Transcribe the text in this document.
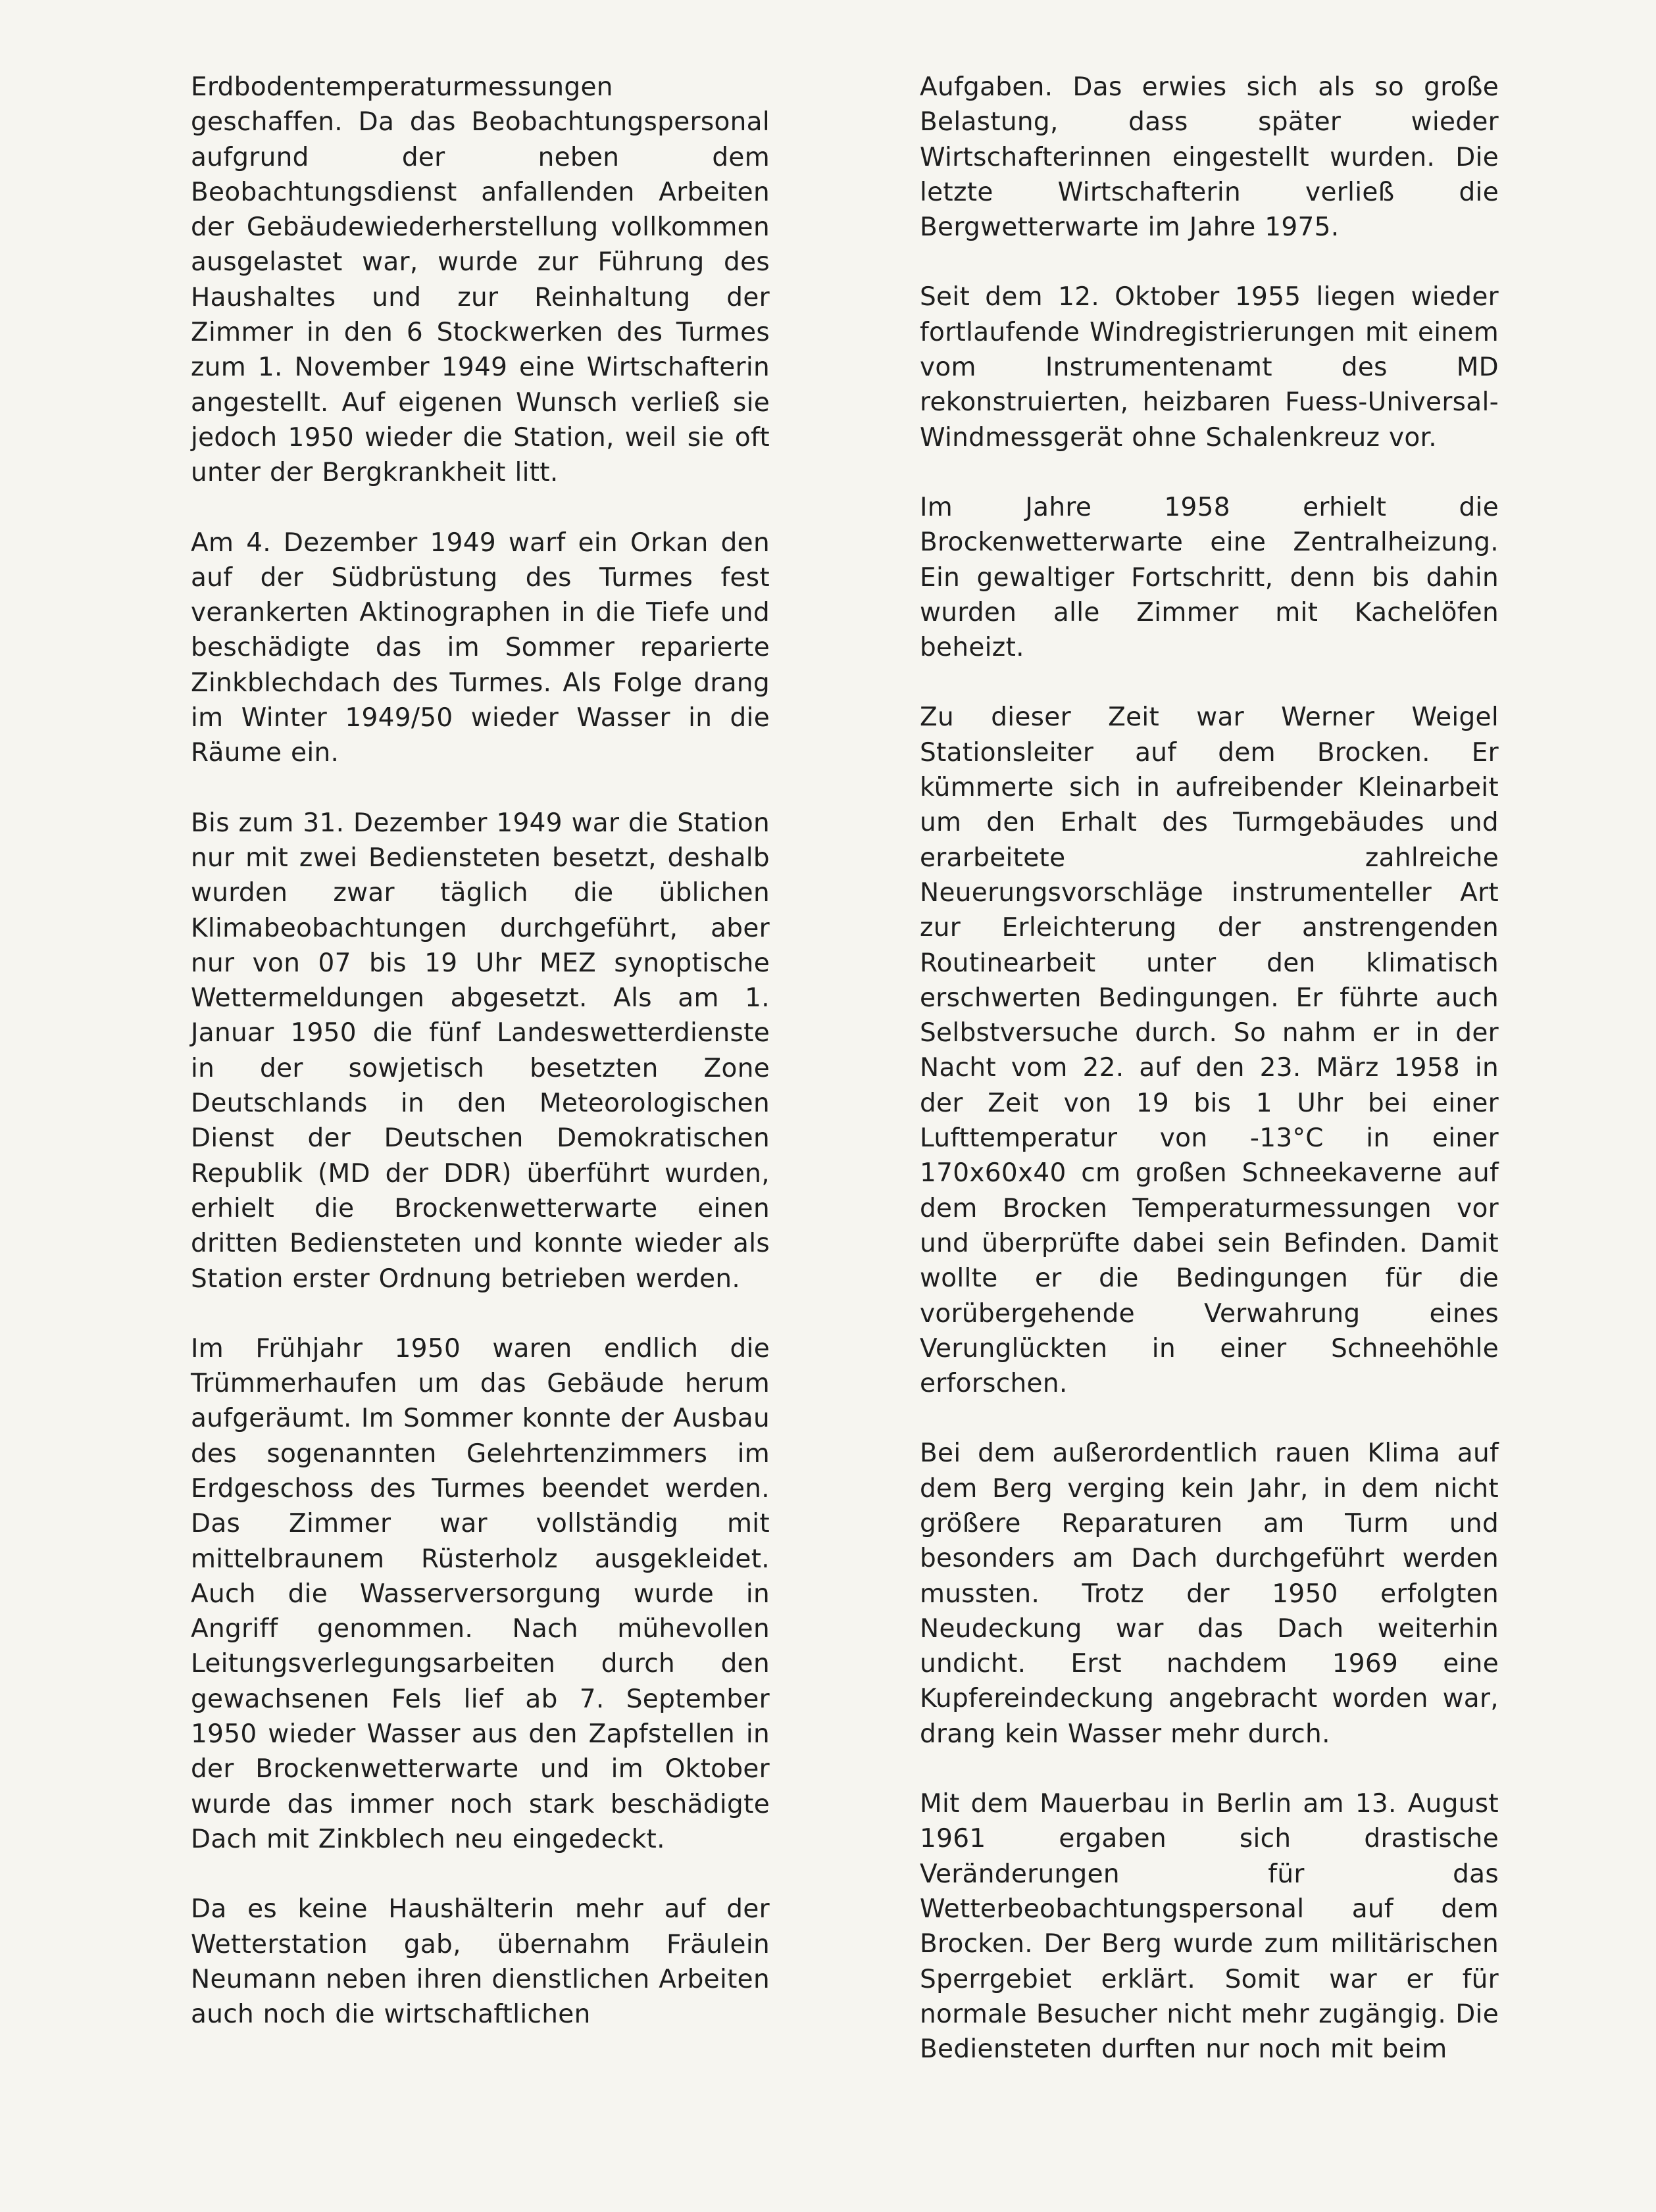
Erdbodentemperaturmessungen geschaffen. Da das Beobachtungspersonal aufgrund der neben dem Beobachtungsdienst anfallenden Arbeiten der Gebäudewiederherstellung vollkommen ausgelastet war, wurde zur Führung des Haushaltes und zur Reinhaltung der Zimmer in den 6 Stockwerken des Turmes zum 1. November 1949 eine Wirtschafterin angestellt. Auf eigenen Wunsch verließ sie jedoch 1950 wieder die Station, weil sie oft unter der Bergkrankheit litt.

Am 4. Dezember 1949 warf ein Orkan den auf der Südbrüstung des Turmes fest verankerten Aktinographen in die Tiefe und beschädigte das im Sommer reparierte Zinkblechdach des Turmes. Als Folge drang im Winter 1949/50 wieder Wasser in die Räume ein.

Bis zum 31. Dezember 1949 war die Station nur mit zwei Bediensteten besetzt, deshalb wurden zwar täglich die üblichen Klimabeobachtungen durchgeführt, aber nur von 07 bis 19 Uhr MEZ synoptische Wettermeldungen abgesetzt. Als am 1. Januar 1950 die fünf Landeswetterdienste in der sowjetisch besetzten Zone Deutschlands in den Meteorologischen Dienst der Deutschen Demokratischen Republik (MD der DDR) überführt wurden, erhielt die Brockenwetterwarte einen dritten Bediensteten und konnte wieder als Station erster Ordnung betrieben werden.

Im Frühjahr 1950 waren endlich die Trümmerhaufen um das Gebäude herum aufgeräumt. Im Sommer konnte der Ausbau des sogenannten Gelehrtenzimmers im Erdgeschoss des Turmes beendet werden. Das Zimmer war vollständig mit mittelbraunem Rüsterholz ausgekleidet. Auch die Wasserversorgung wurde in Angriff genommen. Nach mühevollen Leitungsverlegungsarbeiten durch den gewachsenen Fels lief ab 7. September 1950 wieder Wasser aus den Zapfstellen in der Brockenwetterwarte und im Oktober wurde das immer noch stark beschädigte Dach mit Zinkblech neu eingedeckt.

Da es keine Haushälterin mehr auf der Wetterstation gab, übernahm Fräulein Neumann neben ihren dienstlichen Arbeiten auch noch die wirtschaftlichen

Aufgaben. Das erwies sich als so große Belastung, dass später wieder Wirtschafterinnen eingestellt wurden. Die letzte Wirtschafterin verließ die Bergwetterwarte im Jahre 1975.

Seit dem 12. Oktober 1955 liegen wieder fortlaufende Windregistrierungen mit einem vom Instrumentenamt des MD rekonstruierten, heizbaren Fuess-Universal-Windmessgerät ohne Schalenkreuz vor.

Im Jahre 1958 erhielt die Brockenwetterwarte eine Zentralheizung. Ein gewaltiger Fortschritt, denn bis dahin wurden alle Zimmer mit Kachelöfen beheizt.

Zu dieser Zeit war Werner Weigel Stationsleiter auf dem Brocken. Er kümmerte sich in aufreibender Kleinarbeit um den Erhalt des Turmgebäudes und erarbeitete zahlreiche Neuerungsvorschläge instrumenteller Art zur Erleichterung der anstrengenden Routinearbeit unter den klimatisch erschwerten Bedingungen. Er führte auch Selbstversuche durch. So nahm er in der Nacht vom 22. auf den 23. März 1958 in der Zeit von 19 bis 1 Uhr bei einer Lufttemperatur von -13°C in einer 170x60x40 cm großen Schneekaverne auf dem Brocken Temperaturmessungen vor und überprüfte dabei sein Befinden. Damit wollte er die Bedingungen für die vorübergehende Verwahrung eines Verunglückten in einer Schneehöhle erforschen.

Bei dem außerordentlich rauen Klima auf dem Berg verging kein Jahr, in dem nicht größere Reparaturen am Turm und besonders am Dach durchgeführt werden mussten. Trotz der 1950 erfolgten Neudeckung war das Dach weiterhin undicht. Erst nachdem 1969 eine Kupfereindeckung angebracht worden war, drang kein Wasser mehr durch.

Mit dem Mauerbau in Berlin am 13. August 1961 ergaben sich drastische Veränderungen für das Wetterbeobachtungspersonal auf dem Brocken. Der Berg wurde zum militärischen Sperrgebiet erklärt. Somit war er für normale Besucher nicht mehr zugängig. Die Bediensteten durften nur noch mit beim
